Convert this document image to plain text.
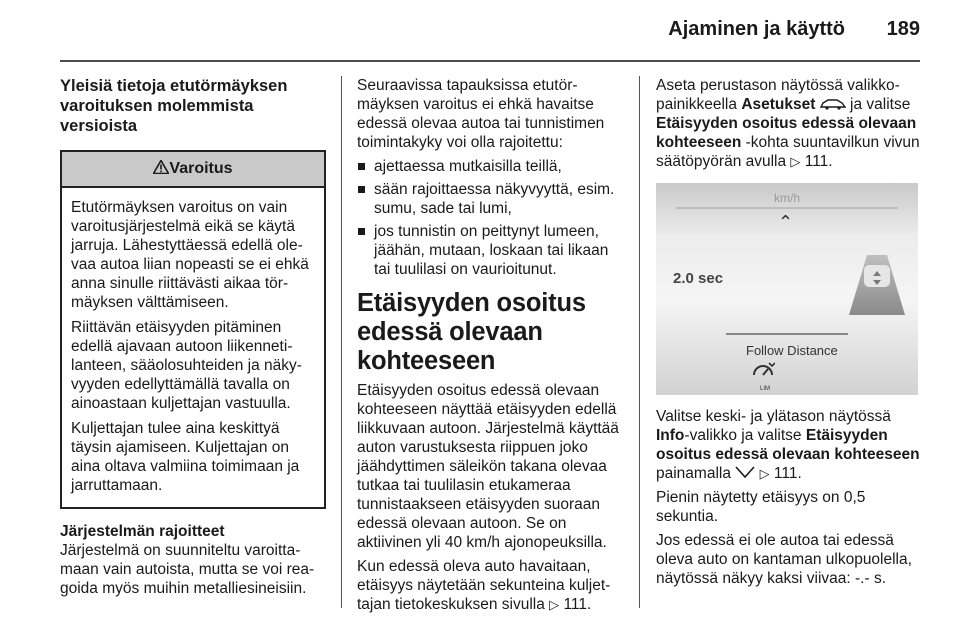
Ajaminen ja käyttö 189
Yleisiä tietoja etutörmäyksen varoituksen molemmista versioista
Varoitus

Etutörmäyksen varoitus on vain varoitusjärjestelmä eikä se käytä jarruja. Lähestyttäessä edellä olevaa autoa liian nopeasti se ei ehkä anna sinulle riittävästi aikaa törmäyksen välttämiseen.

Riittävän etäisyyden pitäminen edellä ajavaan autoon liikennetilanteen, sääolosuhteiden ja näkyvyyden edellyttämällä tavalla on ainoastaan kuljettajan vastuulla.

Kuljettajan tulee aina keskittyä täysin ajamiseen. Kuljettajan on aina oltava valmiina toimimaan ja jarruttamaan.

Järjestelmän rajoitteet

Järjestelmä on suunniteltu varoittamaan vain autoista, mutta se voi reagoida myös muihin metalliesineisiin.

Seuraavissa tapauksissa etutörmäyksen varoitus ei ehkä havaitse edessä olevaa autoa tai tunnistimen toimintakyky voi olla rajoitettu:

ajettaessa mutkaisilla teillä,
sään rajoittaessa näkyvyyttä, esim. sumu, sade tai lumi,
jos tunnistin on peittynyt lumeen, jäähän, mutaan, loskaan tai likaan tai tuulilasi on vaurioitunut.
Etäisyyden osoitus edessä olevaan kohteeseen

Etäisyyden osoitus edessä olevaan kohteeseen näyttää etäisyyden edellä liikkuvaan autoon. Järjestelmä käyttää auton varustuksesta riippuen joko jäähdyttimen säleikön takana olevaa tutkaa tai tuulilasin etukameraa tunnistaakseen etäisyyden suoraan edessä olevaan autoon. Se on aktiivinen yli 40 km/h ajonopeuksilla.

Kun edessä oleva auto havaitaan, etäisyys näytetään sekunteina kuljettajan tietokeskuksen sivulla ▷ 111.

Aseta perustason näytössä valikkopainikkeella Asetukset  ja valitse Etäisyyden osoitus edessä olevaan kohteeseen -kohta suuntavilkun vivun säätöpyörän avulla ▷ 111.

km/h
⌃
2.0 sec
Follow Distance
LIM

Valitse keski- ja ylätason näytössä Info-valikko ja valitse Etäisyyden osoitus edessä olevaan kohteeseen painamalla  ▷ 111.

Pienin näytetty etäisyys on 0,5 sekuntia.

Jos edessä ei ole autoa tai edessä oleva auto on kantaman ulkopuolella, näytössä näkyy kaksi viivaa: -.- s.
